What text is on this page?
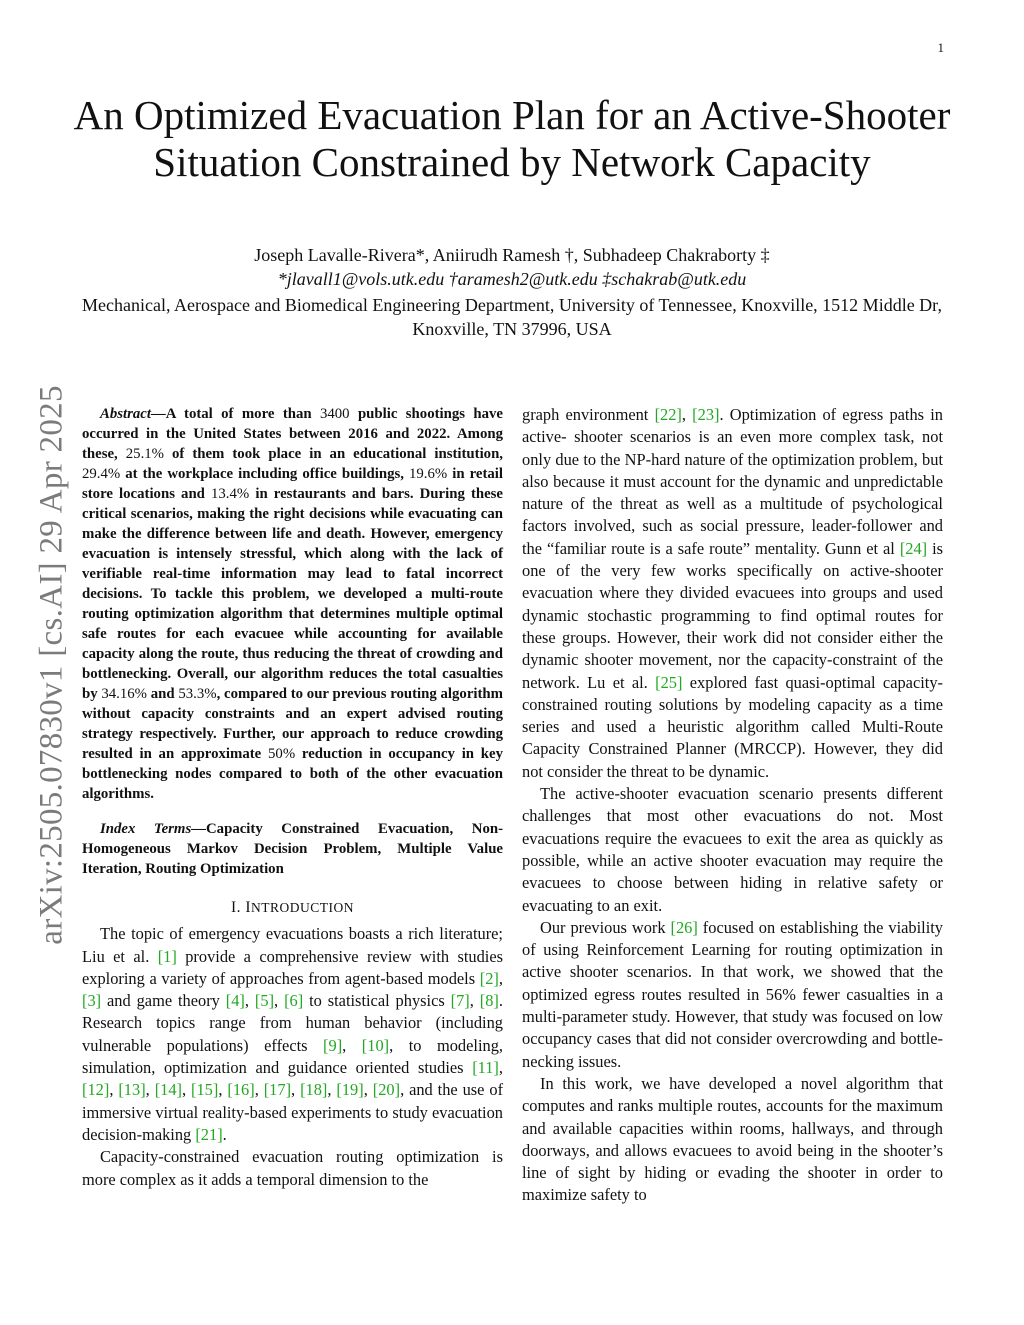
1
arXiv:2505.07830v1 [cs.AI] 29 Apr 2025
An Optimized Evacuation Plan for an Active-Shooter Situation Constrained by Network Capacity
Joseph Lavalle-Rivera*, Aniirudh Ramesh †, Subhadeep Chakraborty ‡
*jlavall1@vols.utk.edu †aramesh2@utk.edu ‡schakrab@utk.edu
Mechanical, Aerospace and Biomedical Engineering Department, University of Tennessee, Knoxville, 1512 Middle Dr, Knoxville, TN 37996, USA

Abstract—A total of more than 3400 public shootings have occurred in the United States between 2016 and 2022. Among these, 25.1% of them took place in an educational institution, 29.4% at the workplace including office buildings, 19.6% in retail store locations and 13.4% in restaurants and bars. During these critical scenarios, making the right decisions while evacuating can make the difference between life and death. However, emergency evacuation is intensely stressful, which along with the lack of verifiable real-time information may lead to fatal incorrect decisions. To tackle this problem, we developed a multi-route routing optimization algorithm that determines multiple optimal safe routes for each evacuee while accounting for available capacity along the route, thus reducing the threat of crowding and bottlenecking. Overall, our algorithm reduces the total casualties by 34.16% and 53.3%, compared to our previous routing algorithm without capacity constraints and an expert advised routing strategy respectively. Further, our approach to reduce crowding resulted in an approximate 50% reduction in occupancy in key bottlenecking nodes compared to both of the other evacuation algorithms.

Index Terms—Capacity Constrained Evacuation, Non-Homogeneous Markov Decision Problem, Multiple Value Iteration, Routing Optimization

I. INTRODUCTION

The topic of emergency evacuations boasts a rich literature; Liu et al. [1] provide a comprehensive review with studies exploring a variety of approaches from agent-based models [2], [3] and game theory [4], [5], [6] to statistical physics [7], [8]. Research topics range from human behavior (including vulnerable populations) effects [9], [10], to modeling, simulation, optimization and guidance oriented studies [11], [12], [13], [14], [15], [16], [17], [18], [19], [20], and the use of immersive virtual reality-based experiments to study evacuation decision-making [21].

Capacity-constrained evacuation routing optimization is more complex as it adds a temporal dimension to the

graph environment [22], [23]. Optimization of egress paths in active- shooter scenarios is an even more complex task, not only due to the NP-hard nature of the optimization problem, but also because it must account for the dynamic and unpredictable nature of the threat as well as a multitude of psychological factors involved, such as social pressure, leader-follower and the “familiar route is a safe route” mentality. Gunn et al [24] is one of the very few works specifically on active-shooter evacuation where they divided evacuees into groups and used dynamic stochastic programming to find optimal routes for these groups. However, their work did not consider either the dynamic shooter movement, nor the capacity-constraint of the network. Lu et al. [25] explored fast quasi-optimal capacity-constrained routing solutions by modeling capacity as a time series and used a heuristic algorithm called Multi-Route Capacity Constrained Planner (MRCCP). However, they did not consider the threat to be dynamic.

The active-shooter evacuation scenario presents different challenges that most other evacuations do not. Most evacuations require the evacuees to exit the area as quickly as possible, while an active shooter evacuation may require the evacuees to choose between hiding in relative safety or evacuating to an exit.

Our previous work [26] focused on establishing the viability of using Reinforcement Learning for routing optimization in active shooter scenarios. In that work, we showed that the optimized egress routes resulted in 56% fewer casualties in a multi-parameter study. However, that study was focused on low occupancy cases that did not consider overcrowding and bottle-necking issues.

In this work, we have developed a novel algorithm that computes and ranks multiple routes, accounts for the maximum and available capacities within rooms, hallways, and through doorways, and allows evacuees to avoid being in the shooter’s line of sight by hiding or evading the shooter in order to maximize safety to
